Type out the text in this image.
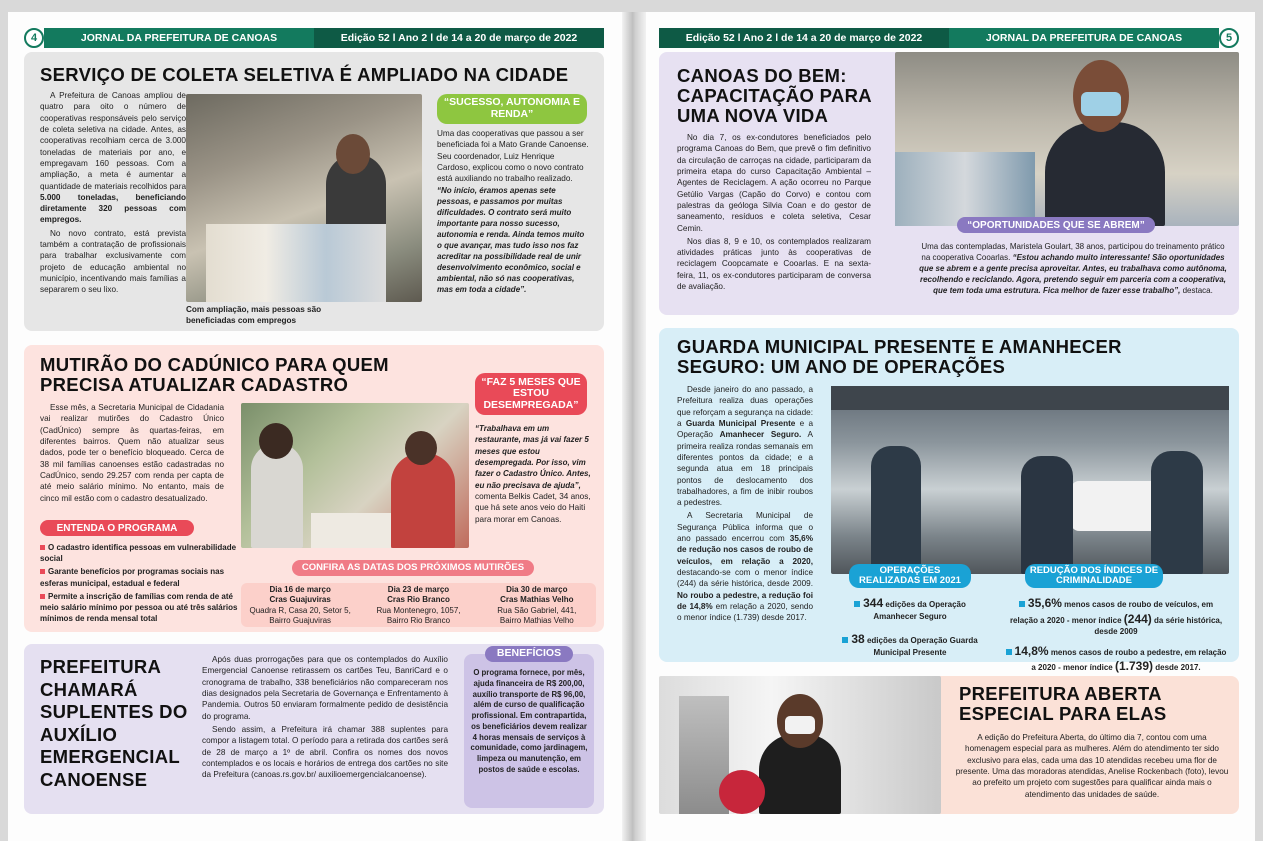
4	JORNAL DA PREFEITURA DE CANOAS	Edição 52 l Ano 2 l de 14 a 20 de março de 2022	Edição 52 l Ano 2 l de 14 a 20 de março de 2022	JORNAL DA PREFEITURA DE CANOAS	5
SERVIÇO DE COLETA SELETIVA É AMPLIADO NA CIDADE

A Prefeitura de Canoas ampliou de quatro para oito o número de cooperativas responsáveis pelo serviço de coleta seletiva na cidade. Antes, as cooperativas recolhiam cerca de 3.000 toneladas de materiais por ano, e empregavam 160 pessoas. Com a ampliação, a meta é aumentar a quantidade de materiais recolhidos para 5.000 toneladas, beneficiando diretamente 320 pessoas com empregos.

No novo contrato, está prevista também a contratação de profissionais para trabalhar exclusivamente com projeto de educação ambiental no município, incentivando mais famílias a separarem o seu lixo.

Com ampliação, mais pessoas são beneficiadas com empregos
“SUCESSO, AUTONOMIA E RENDA”
Uma das cooperativas que passou a ser beneficiada foi a Mato Grande Canoense. Seu coordenador, Luiz Henrique Cardoso, explicou como o novo contrato está auxiliando no trabalho realizado.
“No início, éramos apenas sete pessoas, e passamos por muitas dificuldades. O contrato será muito importante para nosso sucesso, autonomia e renda. Ainda temos muito o que avançar, mas tudo isso nos faz acreditar na possibilidade real de unir desenvolvimento econômico, social e ambiental, não só nas cooperativas, mas em toda a cidade”.
MUTIRÃO DO CADÚNICO PARA QUEM PRECISA ATUALIZAR CADASTRO

Esse mês, a Secretaria Municipal de Cidadania vai realizar mutirões do Cadastro Único (CadÚnico) sempre às quartas-feiras, em diferentes bairros. Quem não atualizar seus dados, pode ter o benefício bloqueado. Cerca de 38 mil famílias canoenses estão cadastradas no CadÚnico, sendo 29.257 com renda per capta de até meio salário mínimo. No entanto, mais de cinco mil estão com o cadastro desatualizado.

ENTENDA O PROGRAMA
O cadastro identifica pessoas em vulnerabilidade social
Garante benefícios por programas sociais nas esferas municipal, estadual e federal
Permite a inscrição de famílias com renda de até meio salário mínimo por pessoa ou até três salários mínimos de renda mensal total
“FAZ 5 MESES QUE ESTOU DESEMPREGADA”
“Trabalhava em um restaurante, mas já vai fazer 5 meses que estou desempregada. Por isso, vim fazer o Cadastro Único. Antes, eu não precisava de ajuda”, comenta Belkis Cadet, 34 anos, que há sete anos veio do Haiti para morar em Canoas.
CONFIRA AS DATAS DOS PRÓXIMOS MUTIRÕES
Dia 16 de março
Cras Guajuviras
Quadra R, Casa 20, Setor 5,
Bairro Guajuviras
Dia 23 de março
Cras Rio Branco
Rua Montenegro, 1057,
Bairro Rio Branco
Dia 30 de março
Cras Mathias Velho
Rua São Gabriel, 441,
Bairro Mathias Velho
PREFEITURA CHAMARÁ SUPLENTES DO AUXÍLIO EMERGENCIAL CANOENSE

Após duas prorrogações para que os contemplados do Auxílio Emergencial Canoense retirassem os cartões Teu, BanriCard e o cronograma de trabalho, 338 beneficiários não compareceram nos dias designados pela Secretaria de Governança e Enfrentamento à Pandemia. Outros 50 enviaram formalmente pedido de desistência do programa.

Sendo assim, a Prefeitura irá chamar 388 suplentes para compor a listagem total. O período para a retirada dos cartões será de 28 de março a 1º de abril. Confira os nomes dos novos contemplados e os locais e horários de entrega dos cartões no site da Prefeitura (canoas.rs.gov.br/ auxilioemergencialcanoense).

BENEFÍCIOS
O programa fornece, por mês, ajuda financeira de R$ 200,00, auxílio transporte de R$ 96,00, além de curso de qualificação profissional. Em contrapartida, os beneficiários devem realizar 4 horas mensais de serviços à comunidade, como jardinagem, limpeza ou manutenção, em postos de saúde e escolas.
CANOAS DO BEM: CAPACITAÇÃO PARA UMA NOVA VIDA

No dia 7, os ex-condutores beneficiados pelo programa Canoas do Bem, que prevê o fim definitivo da circulação de carroças na cidade, participaram da primeira etapa do curso Capacitação Ambiental – Agentes de Reciclagem. A ação ocorreu no Parque Getúlio Vargas (Capão do Corvo) e contou com palestras da geóloga Silvia Coan e do gestor de saneamento, resíduos e coleta seletiva, Cesar Cemin.

Nos dias 8, 9 e 10, os contemplados realizaram atividades práticas junto às cooperativas de reciclagem Coopcamate e Cooarlas. E na sexta-feira, 11, os ex-condutores participaram de conversa de avaliação.

“OPORTUNIDADES QUE SE ABREM”
Uma das contempladas, Maristela Goulart, 38 anos, participou do treinamento prático na cooperativa Cooarlas. “Estou achando muito interessante! São oportunidades que se abrem e a gente precisa aproveitar. Antes, eu trabalhava como autônoma, recolhendo e reciclando. Agora, pretendo seguir em parceria com a cooperativa, que tem toda uma estrutura. Fica melhor de fazer esse trabalho”, destaca.
GUARDA MUNICIPAL PRESENTE E AMANHECER SEGURO: UM ANO DE OPERAÇÕES

Desde janeiro do ano passado, a Prefeitura realiza duas operações que reforçam a segurança na cidade: a Guarda Municipal Presente e a Operação Amanhecer Seguro. A primeira realiza rondas semanais em diferentes pontos da cidade; e a segunda atua em 18 principais pontos de deslocamento dos trabalhadores, a fim de inibir roubos a pedestres.

A Secretaria Municipal de Segurança Pública informa que o ano passado encerrou com 35,6% de redução nos casos de roubo de veículos, em relação a 2020, destacando-se com o menor índice (244) da série histórica, desde 2009. No roubo a pedestre, a redução foi de 14,8% em relação a 2020, sendo o menor índice (1.739) desde 2017.

OPERAÇÕES REALIZADAS EM 2021
REDUÇÃO DOS ÍNDICES DE CRIMINALIDADE
344 edições da Operação Amanhecer Seguro
38 edições da Operação Guarda Municipal Presente
35,6% menos casos de roubo de veículos, em relação a 2020 - menor índice (244) da série histórica, desde 2009
14,8% menos casos de roubo a pedestre, em relação a 2020 - menor índice (1.739) desde 2017.
PREFEITURA ABERTA ESPECIAL PARA ELAS
A edição do Prefeitura Aberta, do último dia 7, contou com uma homenagem especial para as mulheres. Além do atendimento ter sido exclusivo para elas, cada uma das 10 atendidas recebeu uma flor de presente. Uma das moradoras atendidas, Anelise Rockenbach (foto), levou ao prefeito um projeto com sugestões para qualificar ainda mais o atendimento das unidades de saúde.
